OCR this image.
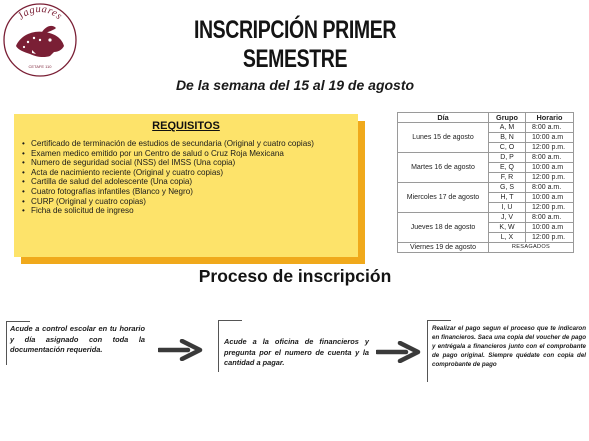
Jaguares
CETAFE 110
INSCRIPCIÓN PRIMER SEMESTRE
De la semana del 15 al 19 de agosto
REQUISITOS
• Certificado de terminación de estudios de secundaria (Original y cuatro copias)
• Examen medico emitido por un Centro de salud o Cruz Roja Mexicana
• Numero de seguridad social (NSS) del IMSS (Una copia)
• Acta de nacimiento reciente (Original y cuatro copias)
• Cartilla de salud del adolescente (Una copia)
• Cuatro fotografías infantiles (Blanco y Negro)
• CURP (Original y cuatro copias)
• Ficha de solicitud de ingreso
Día	Grupo	Horario
Lunes 15 de agosto	A, M	8:00 a.m.
	B, N	10:00 a.m
	C, O	12:00 p.m.
Martes 16 de agosto	D, P	8:00 a.m.
	E, Q	10:00 a.m
	F, R	12:00 p.m.
Miercoles 17 de agosto	G, S	8:00 a.m.
	H, T	10:00 a.m
	I, U	12:00 p.m.
Jueves 18 de agosto	J, V	8:00 a.m.
	K, W	10:00 a.m
	L, X	12:00 p.m.
Viernes 19 de agosto	RESAGADOS	
Proceso de inscripción
Acude a control escolar en tu horario y día asignado con toda la documentación requerida.
Acude a la oficina de financieros y pregunta por el numero de cuenta y la cantidad a pagar.
Realizar el pago segun el proceso que te indicaron en financieros. Saca una copia del voucher de pago y entrégala a financieros junto con el comprobante de pago original. Siempre quédate con copia del comprobante de pago
